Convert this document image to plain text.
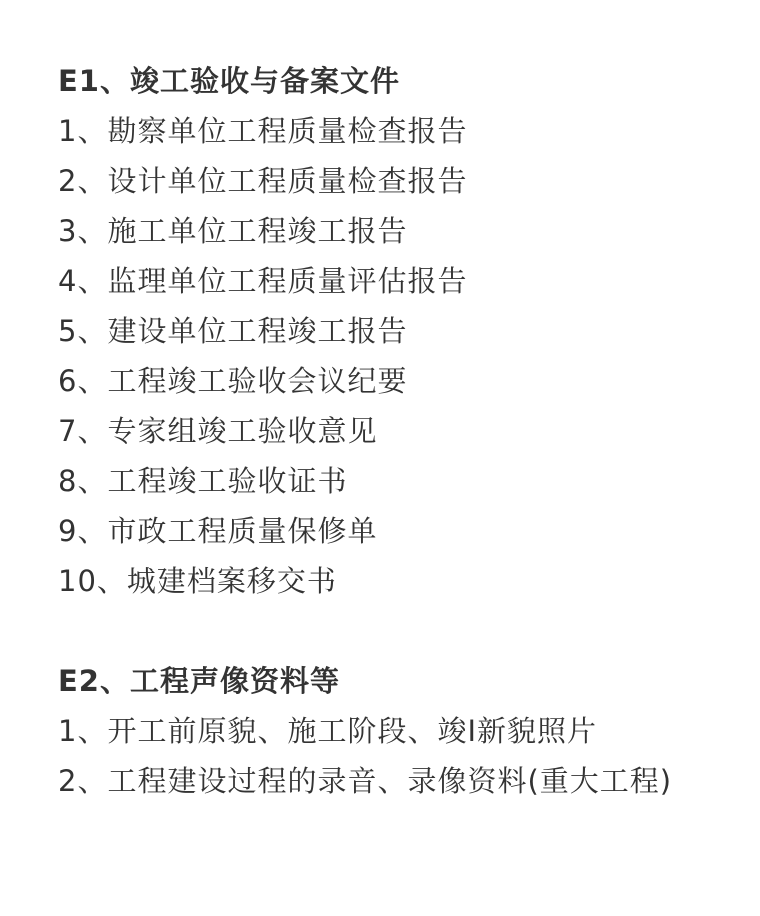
E1、竣工验收与备案文件

1、勘察单位工程质量检查报告

2、设计单位工程质量检查报告

3、施工单位工程竣工报告

4、监理单位工程质量评估报告

5、建设单位工程竣工报告

6、工程竣工验收会议纪要

7、专家组竣工验收意见

8、工程竣工验收证书

9、市政工程质量保修单

10、城建档案移交书

E2、工程声像资料等

1、开工前原貌、施工阶段、竣I新貌照片

2、工程建设过程的录音、录像资料(重大工程)
